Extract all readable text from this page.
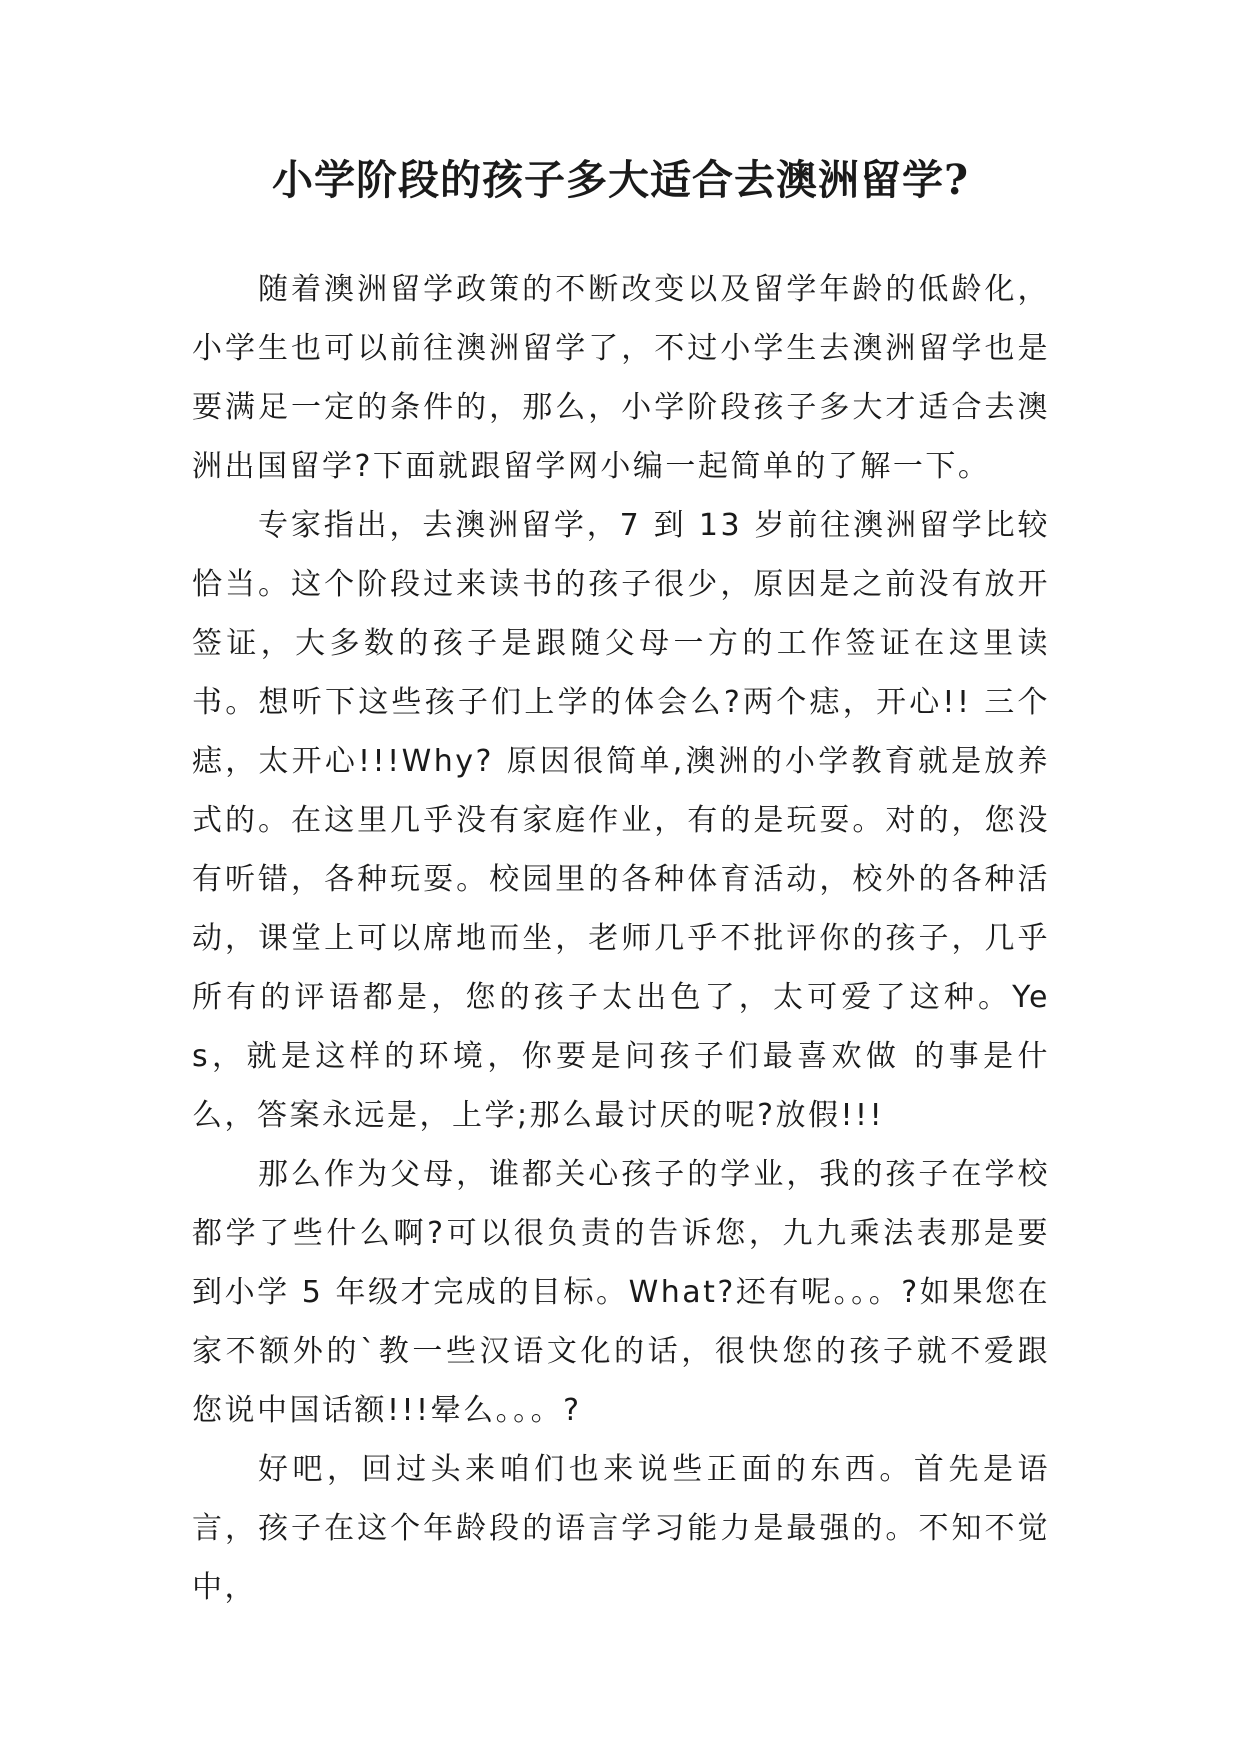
小学阶段的孩子多大适合去澳洲留学?

随着澳洲留学政策的不断改变以及留学年龄的低龄化，小学生也可以前往澳洲留学了，不过小学生去澳洲留学也是要满足一定的条件的，那么，小学阶段孩子多大才适合去澳洲出国留学?下面就跟留学网小编一起简单的了解一下。

专家指出，去澳洲留学，7 到 13 岁前往澳洲留学比较恰当。这个阶段过来读书的孩子很少，原因是之前没有放开签证，大多数的孩子是跟随父母一方的工作签证在这里读书。想听下这些孩子们上学的体会么?两个痣，开心!! 三个痣，太开心!!!Why? 原因很简单,澳洲的小学教育就是放养式的。在这里几乎没有家庭作业，有的是玩耍。对的，您没有听错，各种玩耍。校园里的各种体育活动，校外的各种活动，课堂上可以席地而坐，老师几乎不批评你的孩子，几乎所有的评语都是，您的孩子太出色了，太可爱了这种。Yes，就是这样的环境，你要是问孩子们最喜欢做 的事是什么，答案永远是，上学;那么最讨厌的呢?放假!!!

那么作为父母，谁都关心孩子的学业，我的孩子在学校都学了些什么啊?可以很负责的告诉您，九九乘法表那是要到小学 5 年级才完成的目标。What?还有呢。。。?如果您在家不额外的`教一些汉语文化的话，很快您的孩子就不爱跟您说中国话额!!!晕么。。。?

好吧，回过头来咱们也来说些正面的东西。首先是语言，孩子在这个年龄段的语言学习能力是最强的。不知不觉中，
